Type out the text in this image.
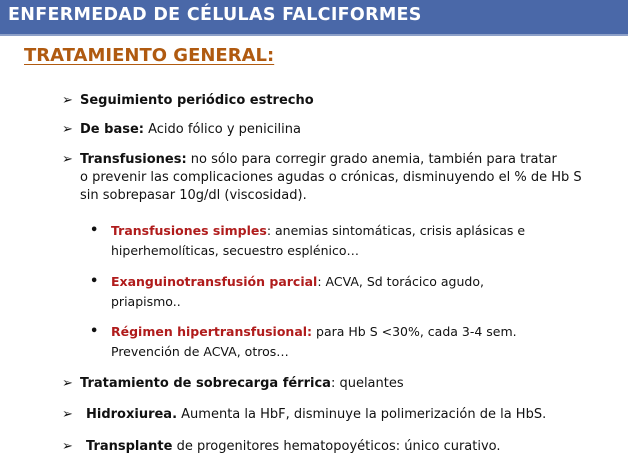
ENFERMEDAD DE CÉLULAS FALCIFORMES
TRATAMIENTO GENERAL:
➢ Seguimiento periódico estrecho
➢ De base: Acido fólico y penicilina
➢ Transfusiones: no sólo para corregir grado anemia, también para tratar
o prevenir las complicaciones agudas o crónicas, disminuyendo el % de Hb S
sin sobrepasar 10g/dl (viscosidad).
• Transfusiones simples: anemias sintomáticas, crisis aplásicas e
hiperhemolíticas, secuestro esplénico…
• Exanguinotransfusión parcial: ACVA, Sd torácico agudo,
priapismo..
• Régimen hipertransfusional: para Hb S <30%, cada 3-4 sem.
Prevención de ACVA, otros…
➢ Tratamiento de sobrecarga férrica: quelantes
➢ Hidroxiurea. Aumenta la HbF, disminuye la polimerización de la HbS.
➢ Transplante de progenitores hematopoyéticos: único curativo.
